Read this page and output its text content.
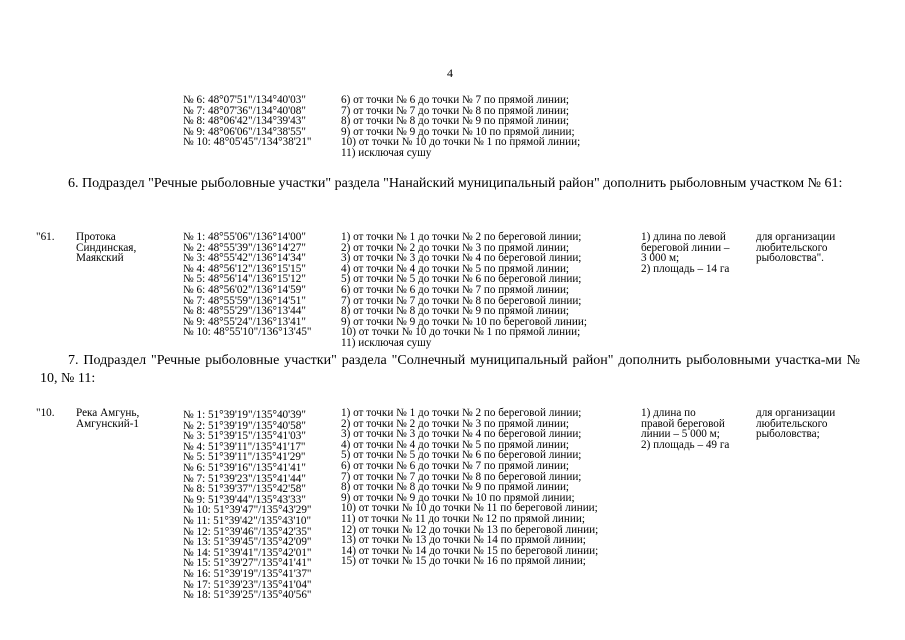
4
№ 6: 48°07'51"/134°40'03"
№ 7: 48°07'36"/134°40'08"
№ 8: 48°06'42"/134°39'43"
№ 9: 48°06'06"/134°38'55"
№ 10: 48°05'45"/134°38'21"
6) от точки № 6 до точки № 7 по прямой линии;
7) от точки № 7 до точки № 8 по прямой линии;
8) от точки № 8 до точки № 9 по прямой линии;
9) от точки № 9 до точки № 10 по прямой линии;
10) от точки № 10 до точки № 1 по прямой линии;
11) исключая сушу
6. Подраздел "Речные рыболовные участки" раздела "Нанайский муниципальный район" дополнить рыболовным участком № 61:
"61.	Протока
Синдинская,
Маякский
№ 1: 48°55'06"/136°14'00"
№ 2: 48°55'39"/136°14'27"
№ 3: 48°55'42"/136°14'34"
№ 4: 48°56'12"/136°15'15"
№ 5: 48°56'14"/136°15'12"
№ 6: 48°56'02"/136°14'59"
№ 7: 48°55'59"/136°14'51"
№ 8: 48°55'29"/136°13'44"
№ 9: 48°55'24"/136°13'41"
№ 10: 48°55'10"/136°13'45"
1) от точки № 1 до точки № 2 по береговой линии;
2) от точки № 2 до точки № 3 по прямой линии;
3) от точки № 3 до точки № 4 по береговой линии;
4) от точки № 4 до точки № 5 по прямой линии;
5) от точки № 5 до точки № 6 по береговой линии;
6) от точки № 6 до точки № 7 по прямой линии;
7) от точки № 7 до точки № 8 по береговой линии;
8) от точки № 8 до точки № 9 по прямой линии;
9) от точки № 9 до точки № 10 по береговой линии;
10) от точки № 10 до точки № 1 по прямой линии;
11) исключая сушу
1) длина по левой
береговой линии –
3 000 м;
2) площадь – 14 га
для организации
любительского
рыболовства".
7. Подраздел "Речные рыболовные участки" раздела "Солнечный муниципальный район" дополнить рыболовными участка-ми № 10, № 11:
"10.	Река Амгунь,
Амгунский-1
№ 1: 51°39'19"/135°40'39"
№ 2: 51°39'19"/135°40'58"
№ 3: 51°39'15"/135°41'03"
№ 4: 51°39'11"/135°41'17"
№ 5: 51°39'11"/135°41'29"
№ 6: 51°39'16"/135°41'41"
№ 7: 51°39'23"/135°41'44"
№ 8: 51°39'37"/135°42'58"
№ 9: 51°39'44"/135°43'33"
№ 10: 51°39'47"/135°43'29"
№ 11: 51°39'42"/135°43'10"
№ 12: 51°39'46"/135°42'35"
№ 13: 51°39'45"/135°42'09"
№ 14: 51°39'41"/135°42'01"
№ 15: 51°39'27"/135°41'41"
№ 16: 51°39'19"/135°41'37"
№ 17: 51°39'23"/135°41'04"
№ 18: 51°39'25"/135°40'56"
1) от точки № 1 до точки № 2 по береговой линии;
2) от точки № 2 до точки № 3 по прямой линии;
3) от точки № 3 до точки № 4 по береговой линии;
4) от точки № 4 до точки № 5 по прямой линии;
5) от точки № 5 до точки № 6 по береговой линии;
6) от точки № 6 до точки № 7 по прямой линии;
7) от точки № 7 до точки № 8 по береговой линии;
8) от точки № 8 до точки № 9 по прямой линии;
9) от точки № 9 до точки № 10 по прямой линии;
10) от точки № 10 до точки № 11 по береговой линии;
11) от точки № 11 до точки № 12 по прямой линии;
12) от точки № 12 до точки № 13 по береговой линии;
13) от точки № 13 до точки № 14 по прямой линии;
14) от точки № 14 до точки № 15 по береговой линии;
15) от точки № 15 до точки № 16 по прямой линии;
1) длина по
правой береговой
линии – 5 000 м;
2) площадь – 49 га
для организации
любительского
рыболовства;
